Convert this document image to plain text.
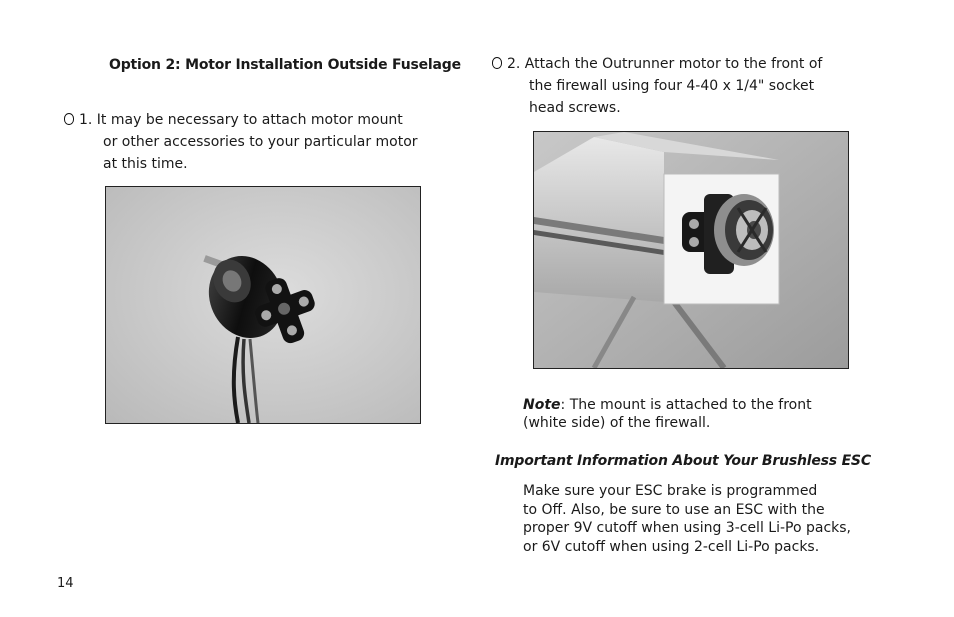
Option 2: Motor Installation Outside Fuselage
1. It may be necessary to attach motor mount
or other accessories to your particular motor
at this time.
2. Attach the Outrunner motor to the front of
the firewall using four 4-40 x 1/4" socket
head screws.
Note: The mount is attached to the front (white side) of the firewall.
Important Information About Your Brushless ESC
Make sure your ESC brake is programmed
to Off. Also, be sure to use an ESC with the
proper 9V cutoff when using 3-cell Li-Po packs,
or 6V cutoff when using 2-cell Li-Po packs.
14
